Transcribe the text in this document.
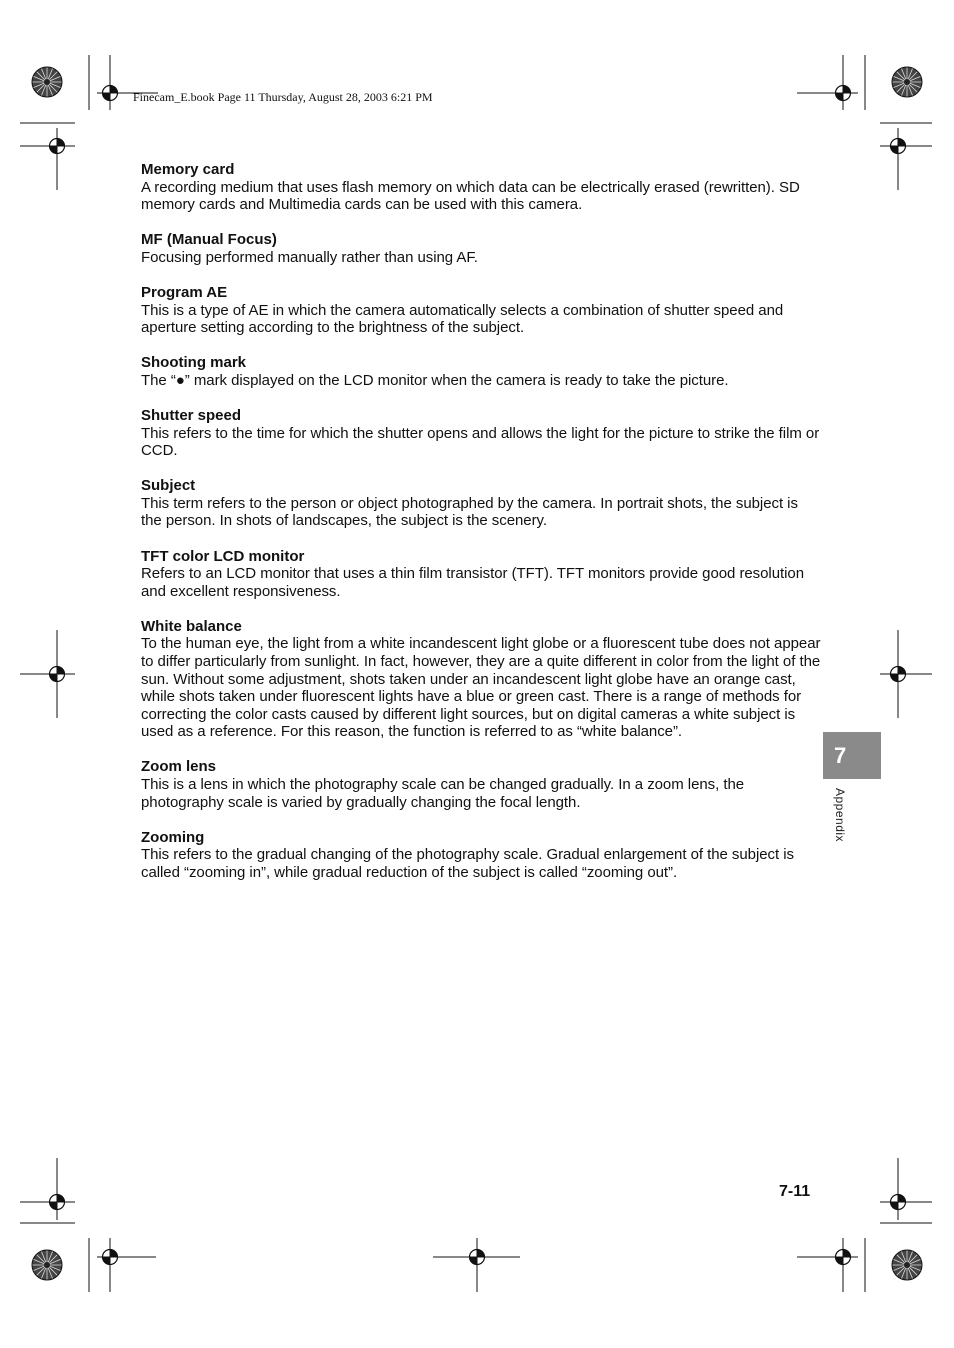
Finecam_E.book Page 11 Thursday, August 28, 2003 6:21 PM

Memory card

A recording medium that uses flash memory on which data can be electrically erased (rewritten). SD memory cards and Multimedia cards can be used with this camera.

MF (Manual Focus)

Focusing performed manually rather than using AF.

Program AE

This is a type of AE in which the camera automatically selects a combination of shutter speed and aperture setting according to the brightness of the subject.

Shooting mark

The “●” mark displayed on the LCD monitor when the camera is ready to take the picture.

Shutter speed

This refers to the time for which the shutter opens and allows the light for the picture to strike the film or CCD.

Subject

This term refers to the person or object photographed by the camera. In portrait shots, the subject is the person. In shots of landscapes, the subject is the scenery.

TFT color LCD monitor

Refers to an LCD monitor that uses a thin film transistor (TFT). TFT monitors provide good resolution and excellent responsiveness.

White balance

To the human eye, the light from a white incandescent light globe or a fluorescent tube does not appear to differ particularly from sunlight. In fact, however, they are a quite different in color from the light of the sun. Without some adjustment, shots taken under an incandescent light globe have an orange cast, while shots taken under fluorescent lights have a blue or green cast. There is a range of methods for correcting the color casts caused by different light sources, but on digital cameras a white subject is used as a reference. For this reason, the function is referred to as “white balance”.

Zoom lens

This is a lens in which the photography scale can be changed gradually. In a zoom lens, the photography scale is varied by gradually changing the focal length.

Zooming

This refers to the gradual changing of the photography scale. Gradual enlargement of the subject is called “zooming in”, while gradual reduction of the subject is called “zooming out”.

7
Appendix
7-11
